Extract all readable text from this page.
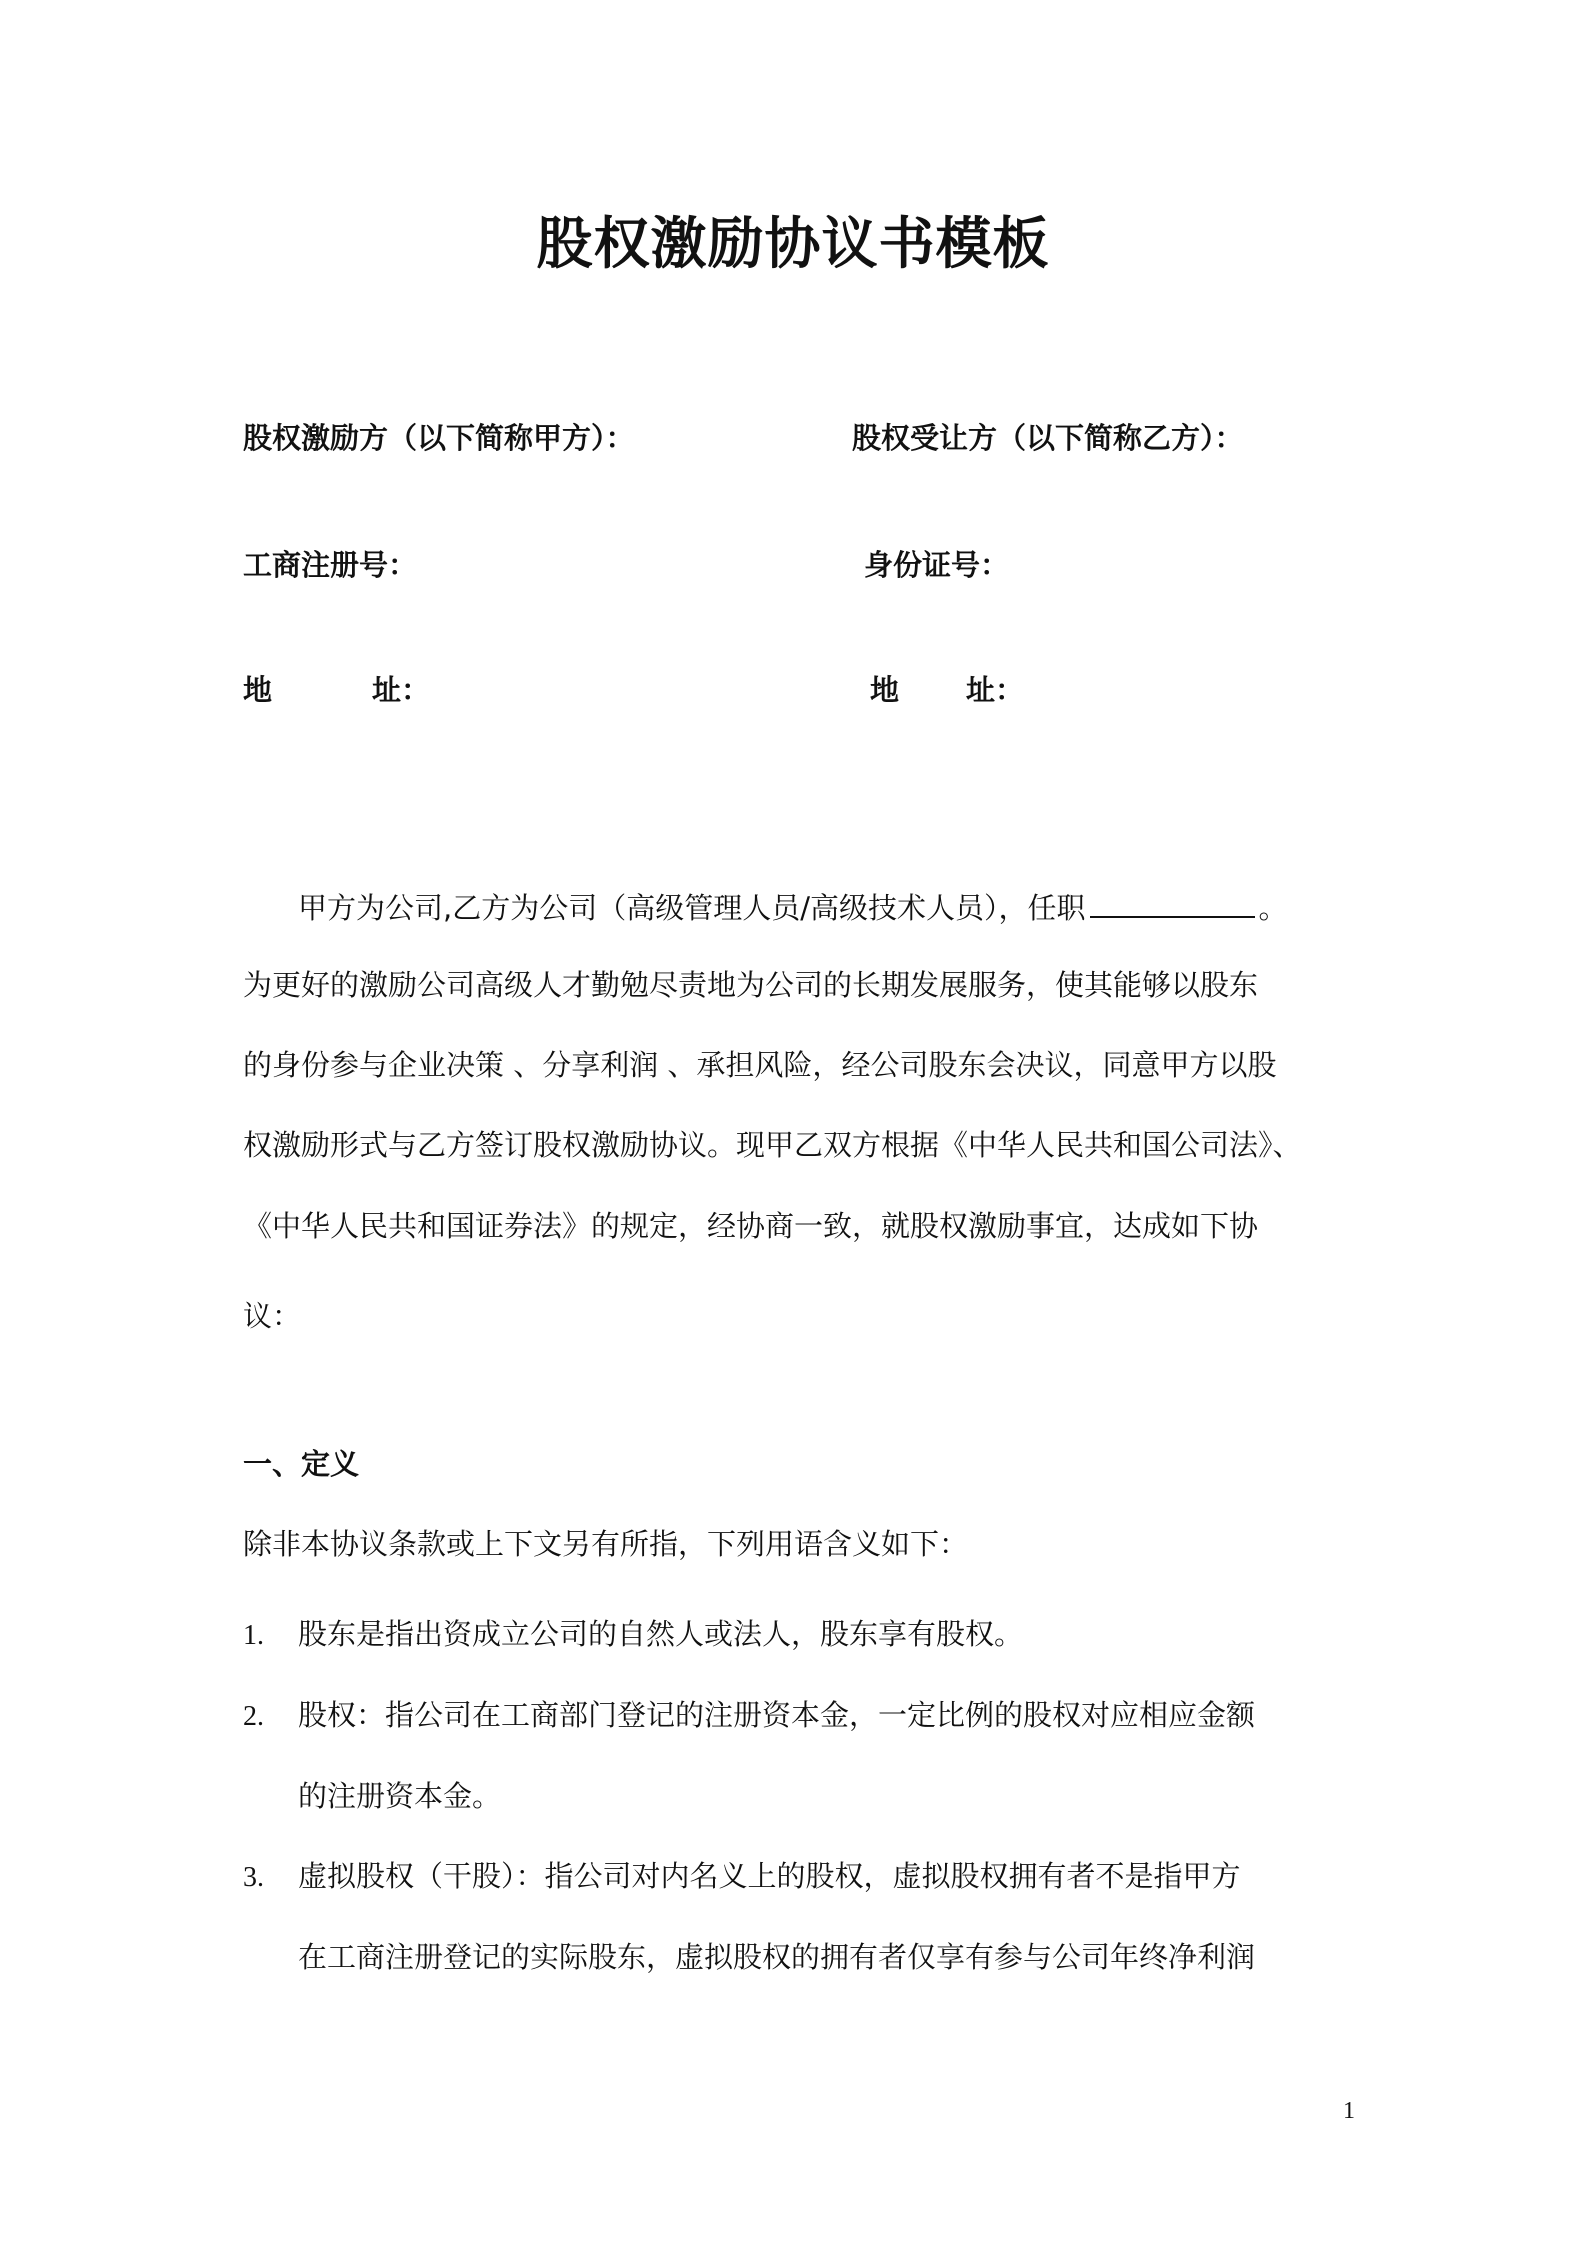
股权激励协议书模板
股权激励方（以下简称甲方）：
工商注册号：
地	址：
股权受让方（以下简称乙方）：
身份证号：
地 址：
甲方为公司,乙方为公司（高级管理人员/高级技术人员），任职	。
为更好的激励公司高级人才勤勉尽责地为公司的长期发展服务，使其能够以股东
的身份参与企业决策 、分享利润 、承担风险，经公司股东会决议，同意甲方以股
权激励形式与乙方签订股权激励协议。现甲乙双方根据《中华人民共和国公司法》、
《中华人民共和国证券法》的规定，经协商一致，就股权激励事宜，达成如下协
议：
一、定义
除非本协议条款或上下文另有所指，下列用语含义如下：
1. 股东是指出资成立公司的自然人或法人，股东享有股权。
2. 股权：指公司在工商部门登记的注册资本金，一定比例的股权对应相应金额
的注册资本金。
3. 虚拟股权（干股）：指公司对内名义上的股权，虚拟股权拥有者不是指甲方
在工商注册登记的实际股东，虚拟股权的拥有者仅享有参与公司年终净利润
1
